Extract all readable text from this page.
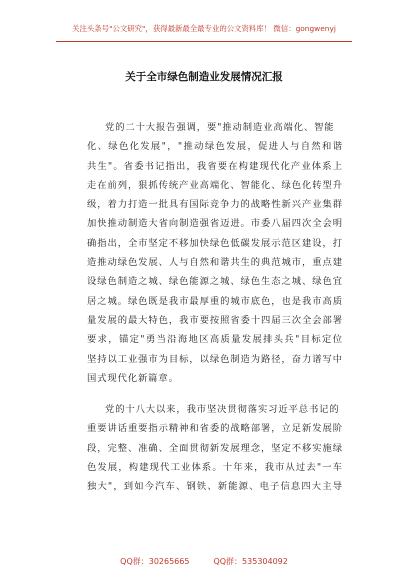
关注头条号"公文研究"，获得最新最全最专业的公文资料库！ 微信：gongwenyj
关于全市绿色制造业发展情况汇报
党的二十大报告强调，要"推动制造业高端化、智能
化、绿色化发展"，"推动绿色发展，促进人与自然和谐
共生"。省委书记指出，我省要在构建现代化产业体系上
走在前列，狠抓传统产业高端化、智能化、绿色化转型升
级，着力打造一批具有国际竞争力的战略性新兴产业集群
加快推动制造大省向制造强省迈进。市委八届四次全会明
确指出，全市坚定不移加快绿色低碳发展示范区建设，打
造推动绿色发展、人与自然和谐共生的典范城市，重点建
设绿色制造之城、绿色能源之城、绿色生态之城、绿色宜
居之城。绿色既是我市最厚重的城市底色，也是我市高质
量发展的最大特色，我市要按照省委十四届三次全会部署
要求，锚定"勇当沿海地区高质量发展排头兵"目标定位
坚持以工业强市为目标，以绿色制造为路径，奋力谱写中
国式现代化新篇章。
党的十八大以来，我市坚决贯彻落实习近平总书记的
重要讲话重要指示精神和省委的战略部署，立足新发展阶
段，完整、准确、全面贯彻新发展理念，坚定不移实施绿
色发展，构建现代工业体系。十年来，我市从过去"一车
独大"，到如今汽车、钢铁、新能源、电子信息四大主导
QQ群：30265665	QQ群：535304092
